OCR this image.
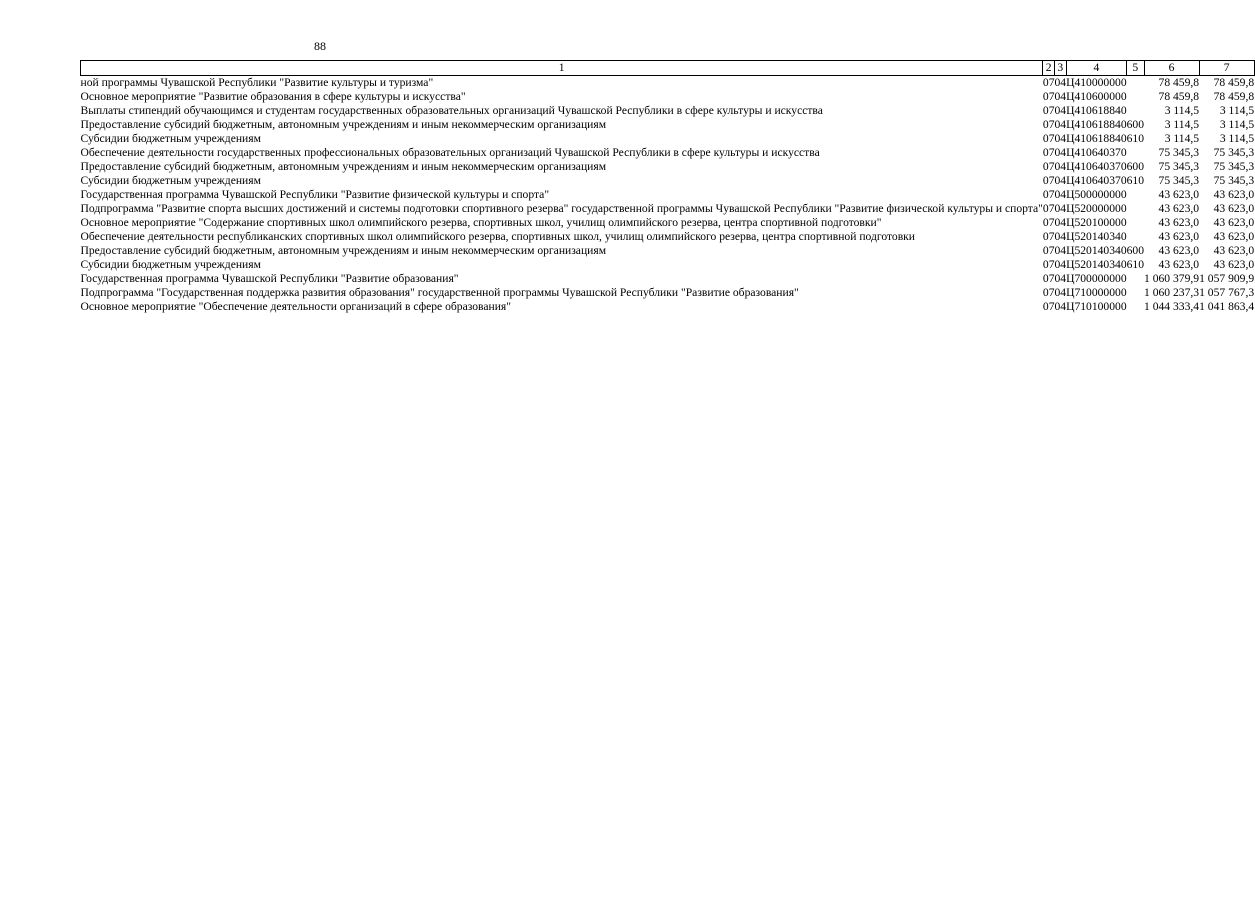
88
1	2	3	4	5	6	7
ной программы Чувашской Республики "Развитие культуры и туризма"	07	04	Ц410000000		78 459,8	78 459,8
Основное мероприятие "Развитие образования в сфере культуры и искусства"	07	04	Ц410600000		78 459,8	78 459,8
Выплаты стипендий обучающимся и студентам государственных образовательных организаций Чувашской Республики в сфере культуры и искусства	07	04	Ц410618840		3 114,5	3 114,5
Предоставление субсидий бюджетным, автономным учреждениям и иным некоммерческим организациям	07	04	Ц410618840	600	3 114,5	3 114,5
Субсидии бюджетным учреждениям	07	04	Ц410618840	610	3 114,5	3 114,5
Обеспечение деятельности государственных профессиональных образовательных организаций Чувашской Республики в сфере культуры и искусства	07	04	Ц410640370		75 345,3	75 345,3
Предоставление субсидий бюджетным, автономным учреждениям и иным некоммерческим организациям	07	04	Ц410640370	600	75 345,3	75 345,3
Субсидии бюджетным учреждениям	07	04	Ц410640370	610	75 345,3	75 345,3
Государственная программа Чувашской Республики "Развитие физической культуры и спорта"	07	04	Ц500000000		43 623,0	43 623,0
Подпрограмма "Развитие спорта высших достижений и системы подготовки спортивного резерва" государственной программы Чувашской Республики "Развитие физической культуры и спорта"	07	04	Ц520000000		43 623,0	43 623,0
Основное мероприятие "Содержание спортивных школ олимпийского резерва, спортивных школ, училищ олимпийского резерва, центра спортивной подготовки"	07	04	Ц520100000		43 623,0	43 623,0
Обеспечение деятельности республиканских спортивных школ олимпийского резерва, спортивных школ, училищ олимпийского резерва, центра спортивной подготовки	07	04	Ц520140340		43 623,0	43 623,0
Предоставление субсидий бюджетным, автономным учреждениям и иным некоммерческим организациям	07	04	Ц520140340	600	43 623,0	43 623,0
Субсидии бюджетным учреждениям	07	04	Ц520140340	610	43 623,0	43 623,0
Государственная программа Чувашской Республики "Развитие образования"	07	04	Ц700000000		1 060 379,9	1 057 909,9
Подпрограмма "Государственная поддержка развития образования" государственной программы Чувашской Республики "Развитие образования"	07	04	Ц710000000		1 060 237,3	1 057 767,3
Основное мероприятие "Обеспечение деятельности организаций в сфере образования"	07	04	Ц710100000		1 044 333,4	1 041 863,4
